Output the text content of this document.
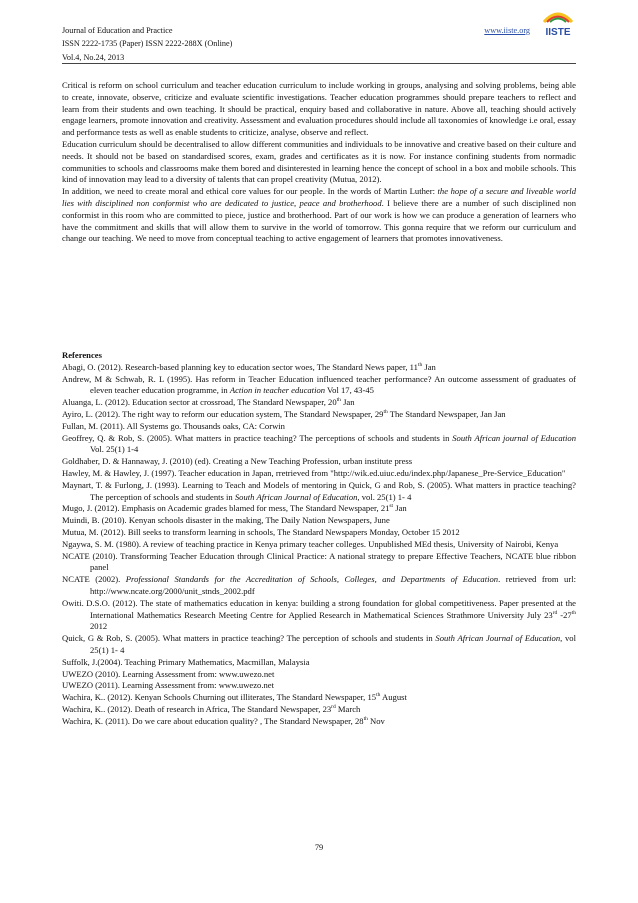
Journal of Education and Practice
ISSN 2222-1735 (Paper) ISSN 2222-288X (Online)
Vol.4, No.24, 2013
www.iiste.org IISTE

Critical is reform on school curriculum and teacher education curriculum to include working in groups, analysing and solving problems, being able to create, innovate, observe, criticize and evaluate scientific investigations. Teacher education programmes should prepare teachers to reflect and learn from their students and own teaching. It should be practical, enquiry based and collaborative in nature. Above all, teaching should actively engage learners, promote innovation and creativity. Assessment and evaluation procedures should include all taxonomies of knowledge i.e oral, essay and performance tests as well as enable students to criticize, analyse, observe and reflect.

Education curriculum should be decentralised to allow different communities and individuals to be innovative and creative based on their culture and needs. It should not be based on standardised scores, exam, grades and certificates as it is now. For instance confining students from normadic communities to schools and classrooms make them bored and disinterested in learning hence the concept of school in a box and mobile schools. This kind of innovation may lead to a diversity of talents that can propel creativity (Mutua, 2012).

In addition, we need to create moral and ethical core values for our people. In the words of Martin Luther: the hope of a secure and liveable world lies with disciplined non conformist who are dedicated to justice, peace and brotherhood. I believe there are a number of such disciplined non conformist in this room who are committed to piece, justice and brotherhood. Part of our work is how we can produce a generation of learners who have the commitment and skills that will allow them to survive in the world of tomorrow. This gonna require that we reform our curriculum and change our teaching. We need to move from conceptual teaching to active engagement of learners that promotes innovativeness.

References
Abagi, O. (2012). Research-based planning key to education sector woes, The Standard News paper, 11th Jan
Andrew, M & Schwab, R. L (1995). Has reform in Teacher Education influenced teacher performance? An outcome assessment of graduates of eleven teacher education programme, in Action in teacher education Vol 17, 43-45
Aluanga, L. (2012). Education sector at crossroad, The Standard Newspaper, 20th Jan
Ayiro, L. (2012). The right way to reform our education system, The Standard Newspaper, 29th The Standard Newspaper, Jan Jan
Fullan, M. (2011). All Systems go. Thousands oaks, CA: Corwin
Geoffrey, Q. & Rob, S. (2005). What matters in practice teaching? The perceptions of schools and students in South African journal of Education Vol. 25(1) 1-4
Goldhaber, D. & Hannaway, J. (2010) (ed). Creating a New Teaching Profession, urban institute press
Hawley, M. & Hawley, J. (1997). Teacher education in Japan, rretrieved from "http://wik.ed.uiuc.edu/index.php/Japanese_Pre-Service_Education"
Maynart, T. & Furlong, J. (1993). Learning to Teach and Models of mentoring in Quick, G and Rob, S. (2005). What matters in practice teaching? The perception of schools and students in South African Journal of Education, vol. 25(1) 1- 4
Mugo, J. (2012). Emphasis on Academic grades blamed for mess, The Standard Newspaper, 21st Jan
Muindi, B. (2010). Kenyan schools disaster in the making, The Daily Nation Newspapers, June
Mutua, M. (2012). Bill seeks to transform learning in schools, The Standard Newspapers Monday, October 15 2012
Ngaywa, S. M. (1980). A review of teaching practice in Kenya primary teacher colleges. Unpublished MEd thesis, University of Nairobi, Kenya
NCATE (2010). Transforming Teacher Education through Clinical Practice: A national strategy to prepare Effective Teachers, NCATE blue ribbon panel
NCATE (2002). Professional Standards for the Accreditation of Schools, Colleges, and Departments of Education. retrieved from url: http://www.ncate.org/2000/unit_stnds_2002.pdf
Owiti. D.S.O. (2012). The state of mathematics education in kenya: building a strong foundation for global competitiveness. Paper presented at the International Mathematics Research Meeting Centre for Applied Research in Mathematical Sciences Strathmore University July 23rd -27th 2012
Quick, G & Rob, S. (2005). What matters in practice teaching? The perception of schools and students in South African Journal of Education, vol 25(1) 1- 4
Suffolk, J.(2004). Teaching Primary Mathematics, Macmillan, Malaysia
UWEZO (2010). Learning Assessment from: www.uwezo.net
UWEZO (2011). Learning Assessment from: www.uwezo.net
Wachira, K.. (2012). Kenyan Schools Churning out illiterates, The Standard Newspaper, 15th August
Wachira, K.. (2012). Death of research in Africa, The Standard Newspaper, 23rd March
Wachira, K. (2011). Do we care about education quality? , The Standard Newspaper, 28th Nov
79
